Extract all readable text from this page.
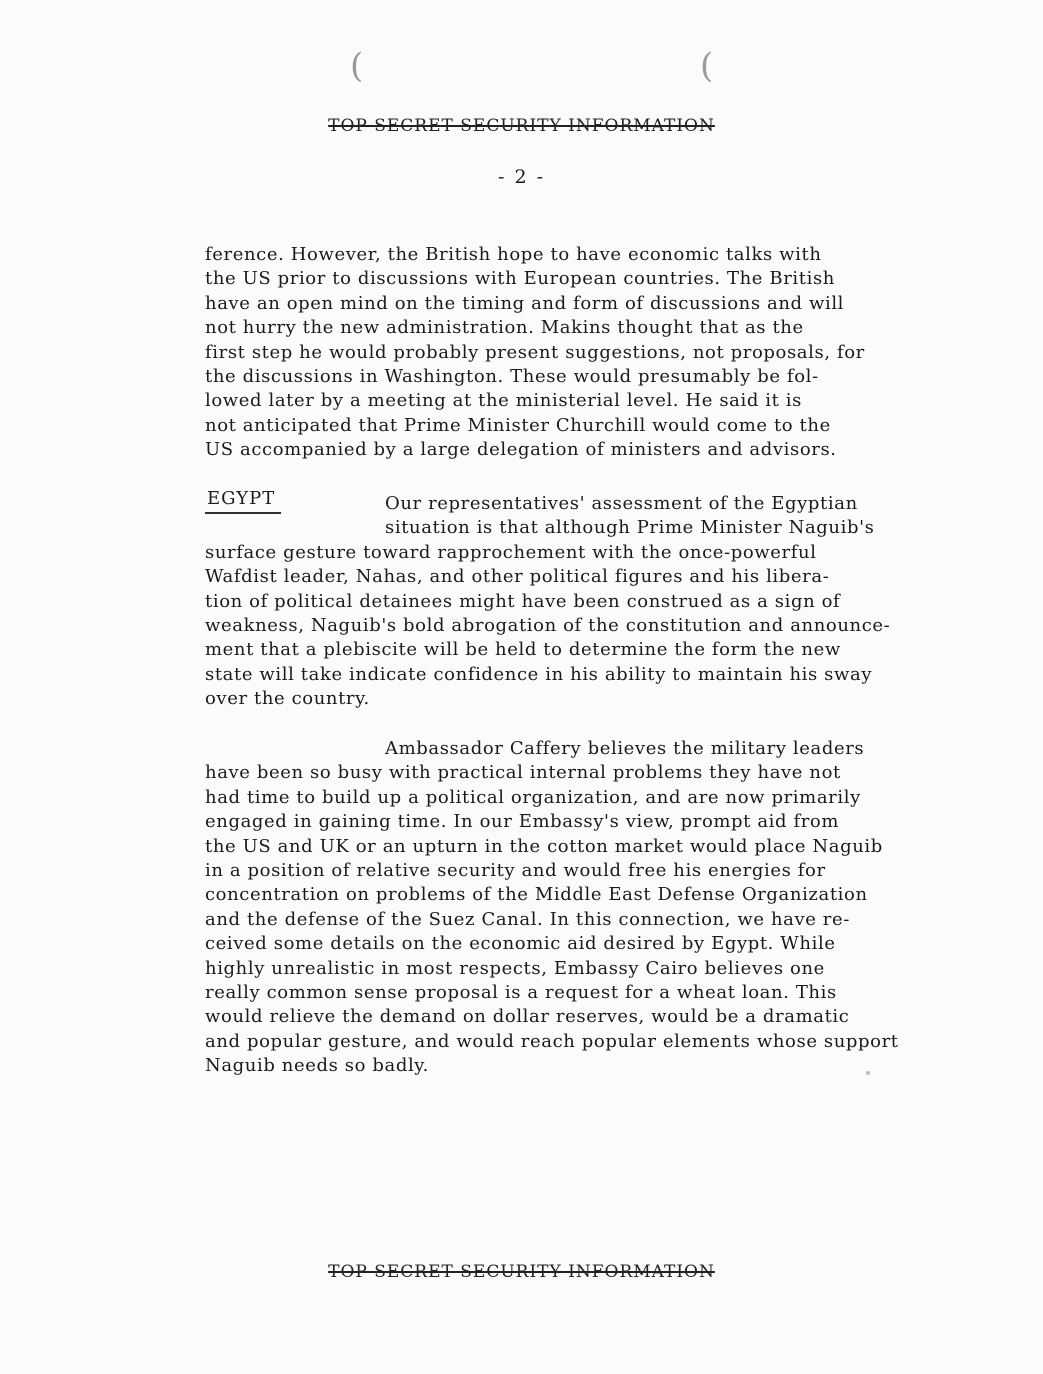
(	(
TOP SECRET SECURITY INFORMATION
- 2 -
ference. However, the British hope to have economic talks with
the US prior to discussions with European countries. The British
have an open mind on the timing and form of discussions and will
not hurry the new administration. Makins thought that as the
first step he would probably present suggestions, not proposals, for
the discussions in Washington. These would presumably be fol-
lowed later by a meeting at the ministerial level. He said it is
not anticipated that Prime Minister Churchill would come to the
US accompanied by a large delegation of ministers and advisors.
EGYPT	Our representatives' assessment of the Egyptian
situation is that although Prime Minister Naguib's
surface gesture toward rapprochement with the once-powerful
Wafdist leader, Nahas, and other political figures and his libera-
tion of political detainees might have been construed as a sign of
weakness, Naguib's bold abrogation of the constitution and announce-
ment that a plebiscite will be held to determine the form the new
state will take indicate confidence in his ability to maintain his sway
over the country.
Ambassador Caffery believes the military leaders
have been so busy with practical internal problems they have not
had time to build up a political organization, and are now primarily
engaged in gaining time. In our Embassy's view, prompt aid from
the US and UK or an upturn in the cotton market would place Naguib
in a position of relative security and would free his energies for
concentration on problems of the Middle East Defense Organization
and the defense of the Suez Canal. In this connection, we have re-
ceived some details on the economic aid desired by Egypt. While
highly unrealistic in most respects, Embassy Cairo believes one
really common sense proposal is a request for a wheat loan. This
would relieve the demand on dollar reserves, would be a dramatic
and popular gesture, and would reach popular elements whose support
Naguib needs so badly.
TOP SECRET SECURITY INFORMATION
